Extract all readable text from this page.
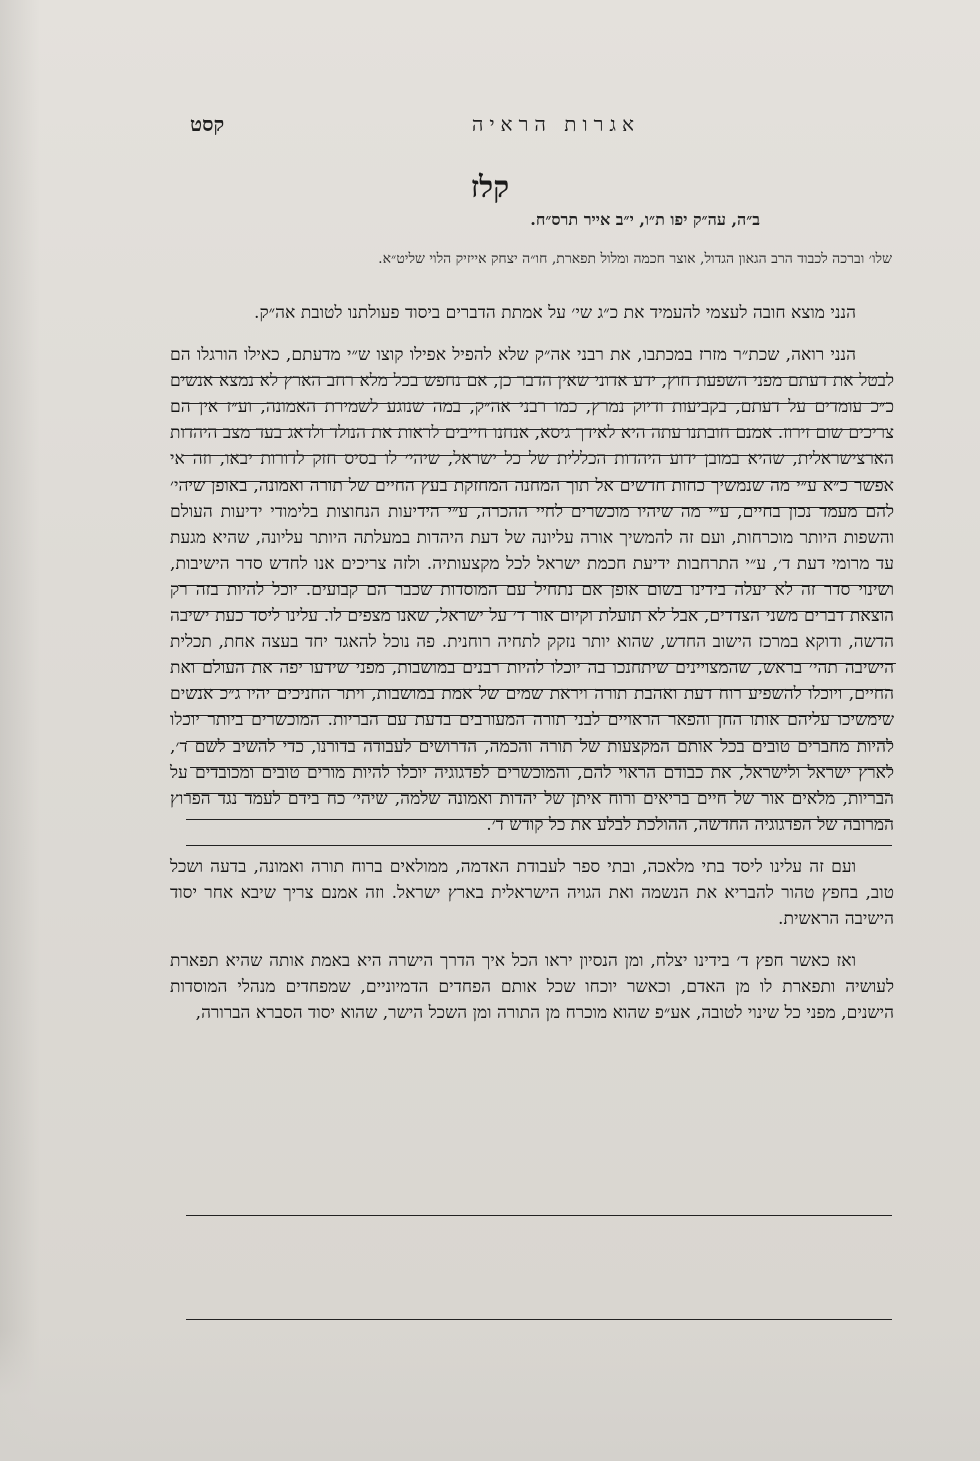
אגרות הראיה
קסט
קלז
ב״ה, עה״ק יפו ת״ו, י״ב אייר תרס״ח.
שלו׳ וברכה לכבוד הרב הגאון הגדול, אוצר חכמה ומלול תפארת, חו״ה יצחק אייזיק הלוי שליט״א.

הנני מוצא חובה לעצמי להעמיד את כ״ג שי׳ על אמתת הדברים ביסוד פעולתנו לטובת אה״ק.

הנני רואה, שכת״ר מזרז במכתבו, את רבני אה״ק שלא להפיל אפילו קוצו ש״י מדעתם, כאילו הורגלו הם לבטל את דעתם מפני השפעת חוץ, ידע אדוני שאין הדבר כן, אם נחפש בכל מלא רחב הארץ לא נמצא אנשים כ״כ עומדים על דעתם, בקביעות ודיוק נמרץ, כמו רבני אה״ק, במה שנוגע לשמירת האמונה, וע״ז אין הם צריכים שום זירוז. אמנם חובתנו עתה היא לאידך גיסא, אנחנו חייבים לראות את הנולד ולדאג בעד מצב היהדות הארצישראלית, שהיא במובן ידוע היהדות הכללית של כל ישראל, שיהי׳ לו בסיס חזק לדורות יבאו, וזה אי אפשר כ״א ע״י מה שנמשיך כחות חדשים אל תוך המחנה המחזקת בעץ החיים של תורה ואמונה, באופן שיהי׳ להם מעמד נכון בחיים, ע״י מה שיהיו מוכשרים לחיי ההכרה, ע״י הידיעות הנחוצות בלימודי ידיעות העולם והשפות היותר מוכרחות, ועם זה להמשיך אורה עליונה של דעת היהדות במעלתה היותר עליונה, שהיא מגעת עד מרומי דעת ד׳, ע״י התרחבות ידיעת חכמת ישראל לכל מקצעותיה. ולזה צריכים אנו לחדש סדר הישיבות, ושינוי סדר זה לא יעלה בידינו בשום אופן אם נתחיל עם המוסדות שכבר הם קבועים. יוכל להיות בזה רק הוצאת דברים משני הצדדים, אבל לא תועלת וקיום אור ד׳ על ישראל, שאנו מצפים לו. עלינו ליסד כעת ישיבה הדשה, ודוקא במרכז הישוב החדש, שהוא יותר נזקק לתחיה רוחנית. פה נוכל להאגד יחד בעצה אחת, תכלית הישיבה תהי׳ בראש, שהמצויינים שיתחנכו בה יוכלו להיות רבנים במושבות, מפני שידעו יפה את העולם ואת החיים, ויוכלו להשפיע רוח דעת ואהבת תורה ויראת שמים של אמת במושבות, ויתר החניכים יהיו ג״כ אנשים שימשיכו עליהם אותו החן והפאר הראויים לבני תורה המעורבים בדעת עם הבריות. המוכשרים ביותר יוכלו להיות מחברים טובים בכל אותם המקצעות של תורה והכמה, הדרושים לעבודה בדורנו, כדי להשיב לשם ד׳, לארץ ישראל ולישראל, את כבודם הראוי להם, והמוכשרים לפדגוגיה יוכלו להיות מורים טובים ומכובדים על הבריות, מלאים אור של חיים בריאים ורוח איתן של יהדות ואמונה שלמה, שיהי׳ כח בידם לעמד נגד הפרוץ המרובה של הפדגוגיה החדשה, ההולכת לבלע את כל קודש ד׳.

ועם זה עלינו ליסד בתי מלאכה, ובתי ספר לעבודת האדמה, ממולאים ברוח תורה ואמונה, בדעה ושכל טוב, בחפץ טהור להבריא את הנשמה ואת הגויה הישראלית בארץ ישראל. וזה אמנם צריך שיבא אחר יסוד הישיבה הראשית.

ואז כאשר חפץ ד׳ בידינו יצלח, ומן הנסיון יראו הכל איך הדרך הישרה היא באמת אותה שהיא תפארת לעושיה ותפארת לו מן האדם, וכאשר יוכחו שכל אותם הפחדים הדמיוניים, שמפחדים מנהלי המוסדות הישנים, מפני כל שינוי לטובה, אע״פ שהוא מוכרח מן התורה ומן השכל הישר, שהוא יסוד הסברא הברורה,
